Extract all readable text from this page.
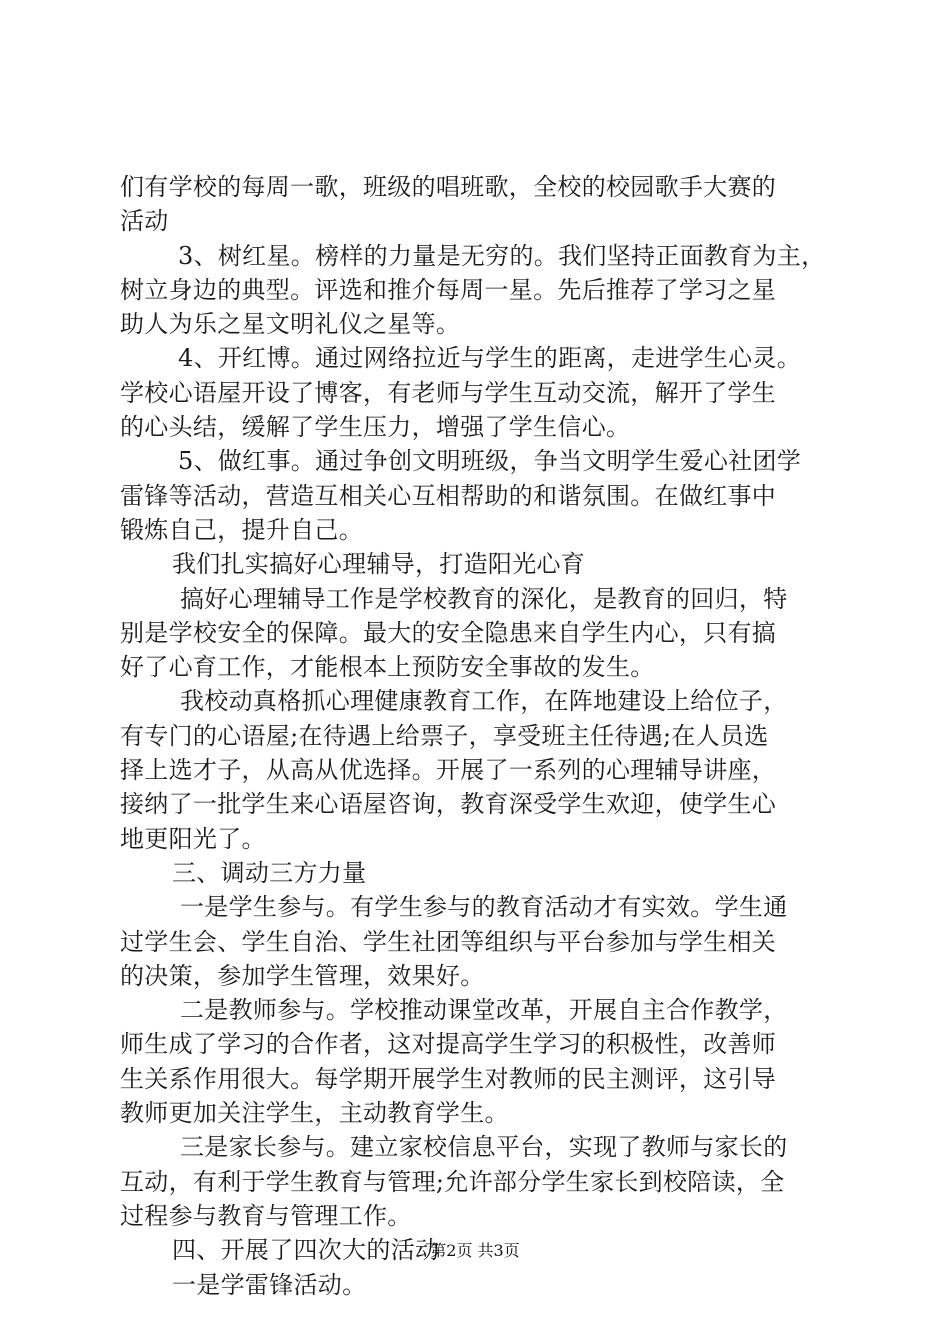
们有学校的每周一歌，班级的唱班歌，全校的校园歌手大赛的
活动
3、树红星。榜样的力量是无穷的。我们坚持正面教育为主，
树立身边的典型。评选和推介每周一星。先后推荐了学习之星
助人为乐之星文明礼仪之星等。
4、开红博。通过网络拉近与学生的距离，走进学生心灵。
学校心语屋开设了博客，有老师与学生互动交流，解开了学生
的心头结，缓解了学生压力，增强了学生信心。
5、做红事。通过争创文明班级，争当文明学生爱心社团学
雷锋等活动，营造互相关心互相帮助的和谐氛围。在做红事中
锻炼自己，提升自己。
我们扎实搞好心理辅导，打造阳光心育
搞好心理辅导工作是学校教育的深化，是教育的回归，特
别是学校安全的保障。最大的安全隐患来自学生内心，只有搞
好了心育工作，才能根本上预防安全事故的发生。
我校动真格抓心理健康教育工作，在阵地建设上给位子，
有专门的心语屋;在待遇上给票子，享受班主任待遇;在人员选
择上选才子，从高从优选择。开展了一系列的心理辅导讲座，
接纳了一批学生来心语屋咨询，教育深受学生欢迎，使学生心
地更阳光了。
三、调动三方力量
一是学生参与。有学生参与的教育活动才有实效。学生通
过学生会、学生自治、学生社团等组织与平台参加与学生相关
的决策，参加学生管理，效果好。
二是教师参与。学校推动课堂改革，开展自主合作教学，
师生成了学习的合作者，这对提高学生学习的积极性，改善师
生关系作用很大。每学期开展学生对教师的民主测评，这引导
教师更加关注学生，主动教育学生。
三是家长参与。建立家校信息平台，实现了教师与家长的
互动，有利于学生教育与管理;允许部分学生家长到校陪读，全
过程参与教育与管理工作。
四、开展了四次大的活动
一是学雷锋活动。
第2页 共3页
